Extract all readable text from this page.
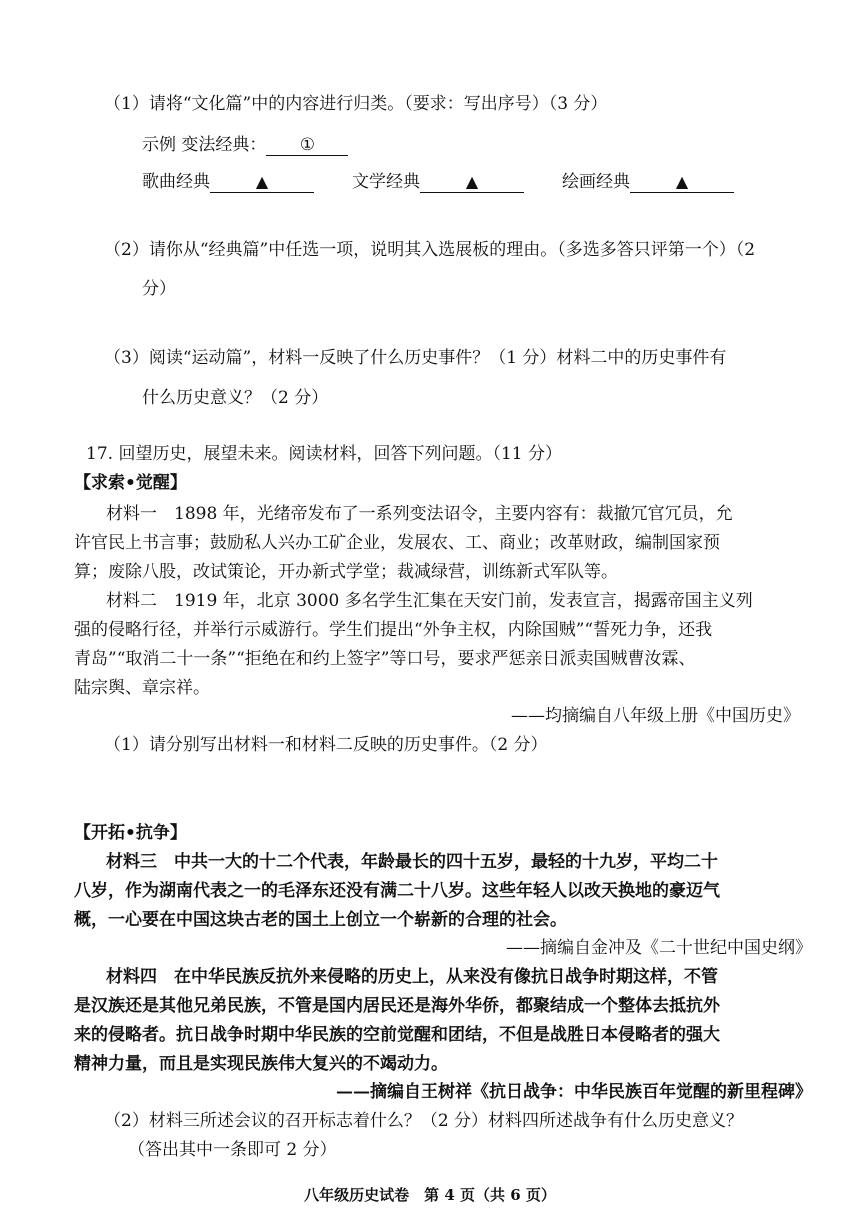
（1）请将“文化篇”中的内容进行归类。（要求：写出序号）（3 分）
示例 变法经典： ①
歌曲经典	▲	文学经典	▲	绘画经典	▲
（2）请你从“经典篇”中任选一项，说明其入选展板的理由。（多选多答只评第一个）（2
分）
（3）阅读“运动篇”，材料一反映了什么历史事件？（1 分）材料二中的历史事件有
什么历史意义？（2 分）
17. 回望历史，展望未来。阅读材料，回答下列问题。（11 分）
【求索•觉醒】
材料一　1898 年，光绪帝发布了一系列变法诏令，主要内容有：裁撤冗官冗员，允
许官民上书言事；鼓励私人兴办工矿企业，发展农、工、商业；改革财政，编制国家预
算；废除八股，改试策论，开办新式学堂；裁减绿营，训练新式军队等。
材料二　1919 年，北京 3000 多名学生汇集在天安门前，发表宣言，揭露帝国主义列
强的侵略行径，并举行示威游行。学生们提出“外争主权，内除国贼”“誓死力争，还我
青岛”“取消二十一条”“拒绝在和约上签字”等口号，要求严惩亲日派卖国贼曹汝霖、
陆宗舆、章宗祥。
——均摘编自八年级上册《中国历史》
（1）请分别写出材料一和材料二反映的历史事件。（2 分）
【开拓•抗争】
材料三　中共一大的十二个代表，年龄最长的四十五岁，最轻的十九岁，平均二十
八岁，作为湖南代表之一的毛泽东还没有满二十八岁。这些年轻人以改天换地的豪迈气
概，一心要在中国这块古老的国土上创立一个崭新的合理的社会。
——摘编自金冲及《二十世纪中国史纲》
材料四　在中华民族反抗外来侵略的历史上，从来没有像抗日战争时期这样，不管
是汉族还是其他兄弟民族，不管是国内居民还是海外华侨，都聚结成一个整体去抵抗外
来的侵略者。抗日战争时期中华民族的空前觉醒和团结，不但是战胜日本侵略者的强大
精神力量，而且是实现民族伟大复兴的不竭动力。
——摘编自王树祥《抗日战争：中华民族百年觉醒的新里程碑》
（2）材料三所述会议的召开标志着什么？（2 分）材料四所述战争有什么历史意义？
（答出其中一条即可 2 分）
八年级历史试卷　第 4 页（共 6 页）
